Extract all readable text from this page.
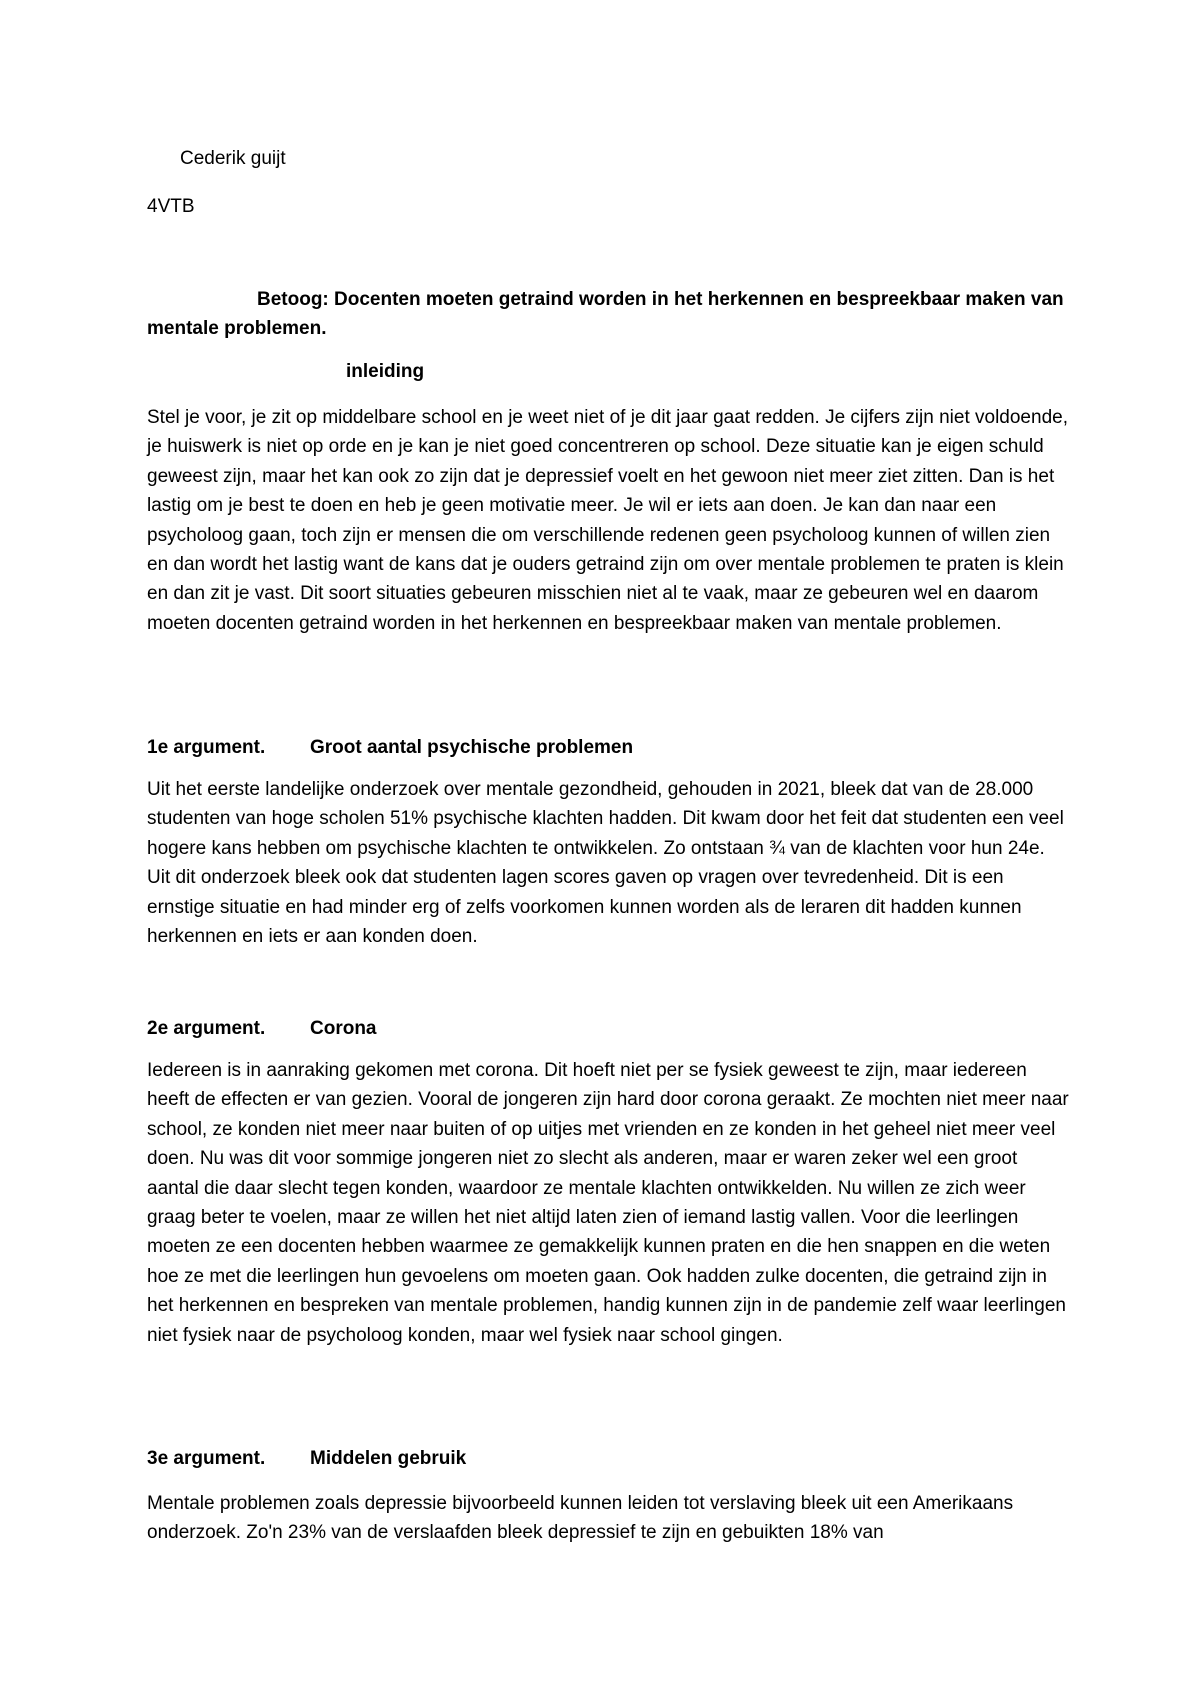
Cederik guijt
4VTB
Betoog: Docenten moeten getraind worden in het herkennen en bespreekbaar maken van mentale problemen.
inleiding

Stel je voor, je zit op middelbare school en je weet niet of je dit jaar gaat redden. Je cijfers zijn niet voldoende, je huiswerk is niet op orde en je kan je niet goed concentreren op school. Deze situatie kan je eigen schuld geweest zijn, maar het kan ook zo zijn dat je depressief voelt en het gewoon niet meer ziet zitten. Dan is het lastig om je best te doen en heb je geen motivatie meer. Je wil er iets aan doen. Je kan dan naar een psycholoog gaan, toch zijn er mensen die om verschillende redenen geen psycholoog kunnen of willen zien en dan wordt het lastig want de kans dat je ouders getraind zijn om over mentale problemen te praten is klein en dan zit je vast. Dit soort situaties gebeuren misschien niet al te vaak, maar ze gebeuren wel en daarom moeten docenten getraind worden in het herkennen en bespreekbaar maken van mentale problemen.

1e argument. Groot aantal psychische problemen

Uit het eerste landelijke onderzoek over mentale gezondheid, gehouden in 2021, bleek dat van de 28.000 studenten van hoge scholen 51% psychische klachten hadden. Dit kwam door het feit dat studenten een veel hogere kans hebben om psychische klachten te ontwikkelen. Zo ontstaan ¾ van de klachten voor hun 24e. Uit dit onderzoek bleek ook dat studenten lagen scores gaven op vragen over tevredenheid. Dit is een ernstige situatie en had minder erg of zelfs voorkomen kunnen worden als de leraren dit hadden kunnen herkennen en iets er aan konden doen.

2e argument. Corona

Iedereen is in aanraking gekomen met corona. Dit hoeft niet per se fysiek geweest te zijn, maar iedereen heeft de effecten er van gezien. Vooral de jongeren zijn hard door corona geraakt. Ze mochten niet meer naar school, ze konden niet meer naar buiten of op uitjes met vrienden en ze konden in het geheel niet meer veel doen. Nu was dit voor sommige jongeren niet zo slecht als anderen, maar er waren zeker wel een groot aantal die daar slecht tegen konden, waardoor ze mentale klachten ontwikkelden. Nu willen ze zich weer graag beter te voelen, maar ze willen het niet altijd laten zien of iemand lastig vallen. Voor die leerlingen moeten ze een docenten hebben waarmee ze gemakkelijk kunnen praten en die hen snappen en die weten hoe ze met die leerlingen hun gevoelens om moeten gaan. Ook hadden zulke docenten, die getraind zijn in het herkennen en bespreken van mentale problemen, handig kunnen zijn in de pandemie zelf waar leerlingen niet fysiek naar de psycholoog konden, maar wel fysiek naar school gingen.

3e argument. Middelen gebruik

Mentale problemen zoals depressie bijvoorbeeld kunnen leiden tot verslaving bleek uit een Amerikaans onderzoek. Zo'n 23% van de verslaafden bleek depressief te zijn en gebuikten 18% van
